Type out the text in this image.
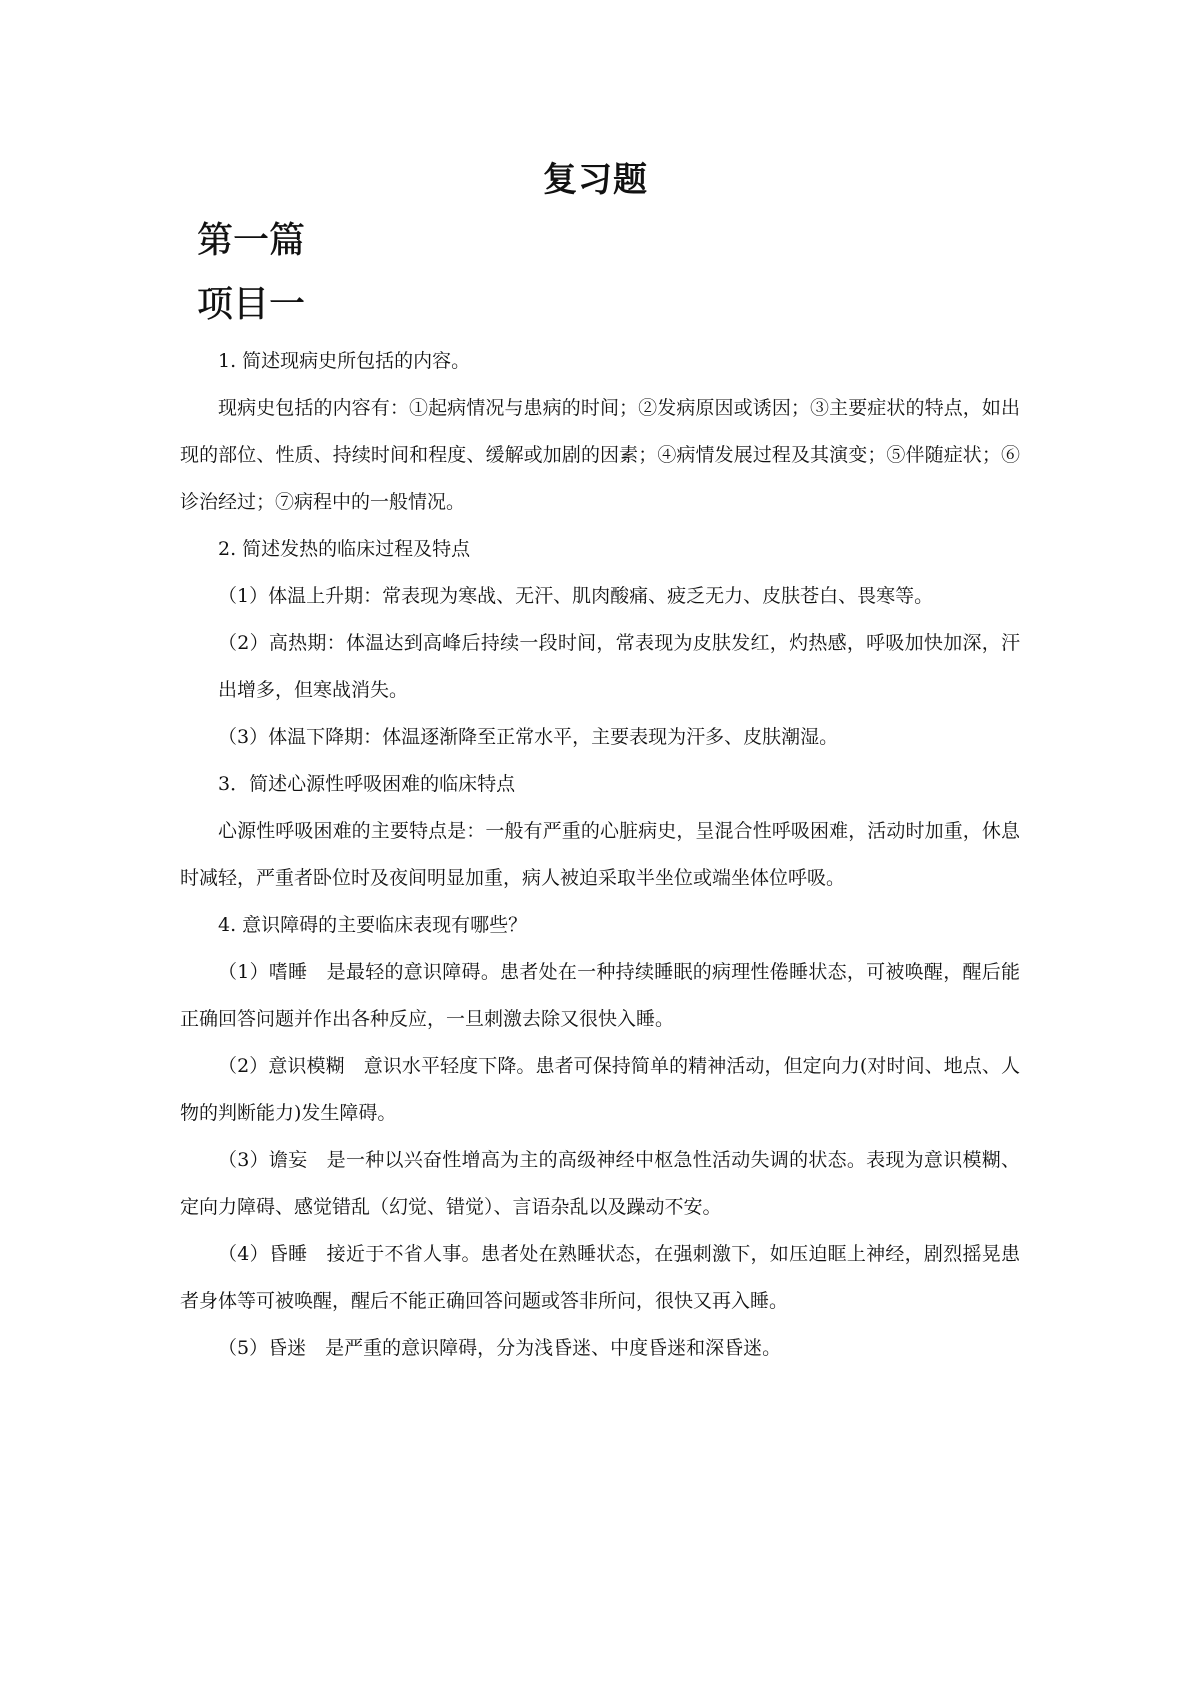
复习题
第一篇
项目一

1. 简述现病史所包括的内容。

现病史包括的内容有：①起病情况与患病的时间；②发病原因或诱因；③主要症状的特点，如出现的部位、性质、持续时间和程度、缓解或加剧的因素；④病情发展过程及其演变；⑤伴随症状；⑥诊治经过；⑦病程中的一般情况。

2. 简述发热的临床过程及特点

（1）体温上升期：常表现为寒战、无汗、肌肉酸痛、疲乏无力、皮肤苍白、畏寒等。

（2）高热期：体温达到高峰后持续一段时间，常表现为皮肤发红，灼热感，呼吸加快加深，汗出增多，但寒战消失。

（3）体温下降期：体温逐渐降至正常水平，主要表现为汗多、皮肤潮湿。

3．简述心源性呼吸困难的临床特点

心源性呼吸困难的主要特点是：一般有严重的心脏病史，呈混合性呼吸困难，活动时加重，休息时减轻，严重者卧位时及夜间明显加重，病人被迫采取半坐位或端坐体位呼吸。

4. 意识障碍的主要临床表现有哪些？

（1）嗜睡　是最轻的意识障碍。患者处在一种持续睡眠的病理性倦睡状态，可被唤醒，醒后能正确回答问题并作出各种反应，一旦刺激去除又很快入睡。

（2）意识模糊　意识水平轻度下降。患者可保持简单的精神活动，但定向力(对时间、地点、人物的判断能力)发生障碍。

（3）谵妄　是一种以兴奋性增高为主的高级神经中枢急性活动失调的状态。表现为意识模糊、定向力障碍、感觉错乱（幻觉、错觉）、言语杂乱以及躁动不安。

（4）昏睡　接近于不省人事。患者处在熟睡状态，在强刺激下，如压迫眶上神经，剧烈摇晃患者身体等可被唤醒，醒后不能正确回答问题或答非所问，很快又再入睡。

（5）昏迷　是严重的意识障碍，分为浅昏迷、中度昏迷和深昏迷。
